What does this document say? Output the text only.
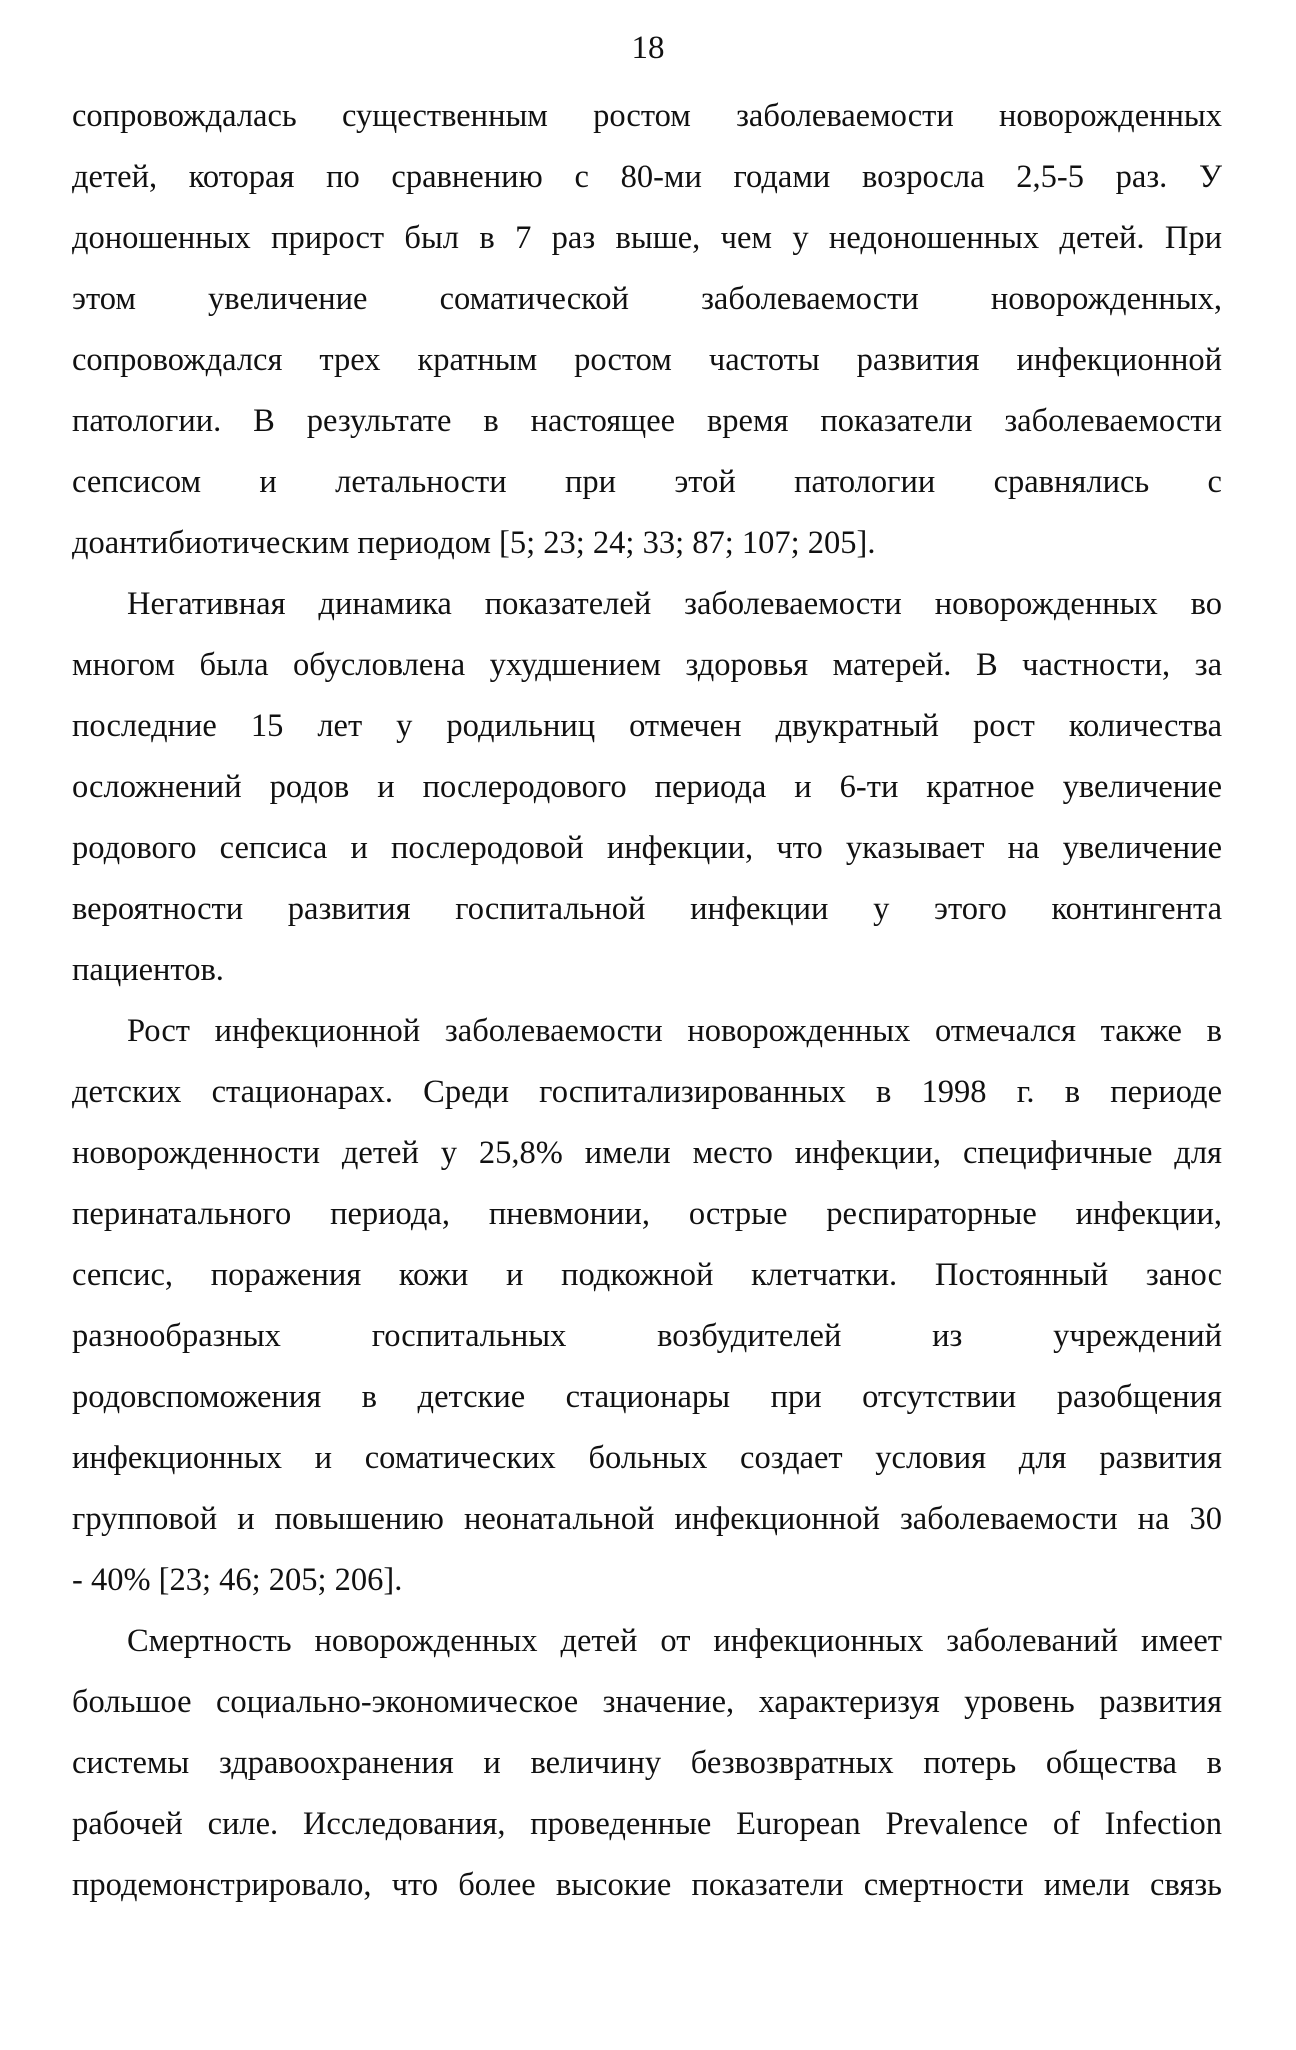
18
сопровождалась существенным ростом заболеваемости новорожденных
детей, которая по сравнению с 80-ми годами возросла 2,5-5 раз. У
доношенных прирост был в 7 раз выше, чем у недоношенных детей. При
этом увеличение соматической заболеваемости новорожденных,
сопровождался трех кратным ростом частоты развития инфекционной
патологии. В результате в настоящее время показатели заболеваемости
сепсисом и летальности при этой патологии сравнялись с
доантибиотическим периодом [5; 23; 24; 33; 87; 107; 205].
Негативная динамика показателей заболеваемости новорожденных во
многом была обусловлена ухудшением здоровья матерей. В частности, за
последние 15 лет у родильниц отмечен двукратный рост количества
осложнений родов и послеродового периода и 6-ти кратное увеличение
родового сепсиса и послеродовой инфекции, что указывает на увеличение
вероятности развития госпитальной инфекции у этого контингента
пациентов.
Рост инфекционной заболеваемости новорожденных отмечался также в
детских стационарах. Среди госпитализированных в 1998 г. в периоде
новорожденности детей у 25,8% имели место инфекции, специфичные для
перинатального периода, пневмонии, острые респираторные инфекции,
сепсис, поражения кожи и подкожной клетчатки. Постоянный занос
разнообразных госпитальных возбудителей из учреждений
родовспоможения в детские стационары при отсутствии разобщения
инфекционных и соматических больных создает условия для развития
групповой и повышению неонатальной инфекционной заболеваемости на 30
- 40% [23; 46; 205; 206].
Смертность новорожденных детей от инфекционных заболеваний имеет
большое социально-экономическое значение, характеризуя уровень развития
системы здравоохранения и величину безвозвратных потерь общества в
рабочей силе. Исследования, проведенные European Prevalence of Infection
продемонстрировало, что более высокие показатели смертности имели связь
